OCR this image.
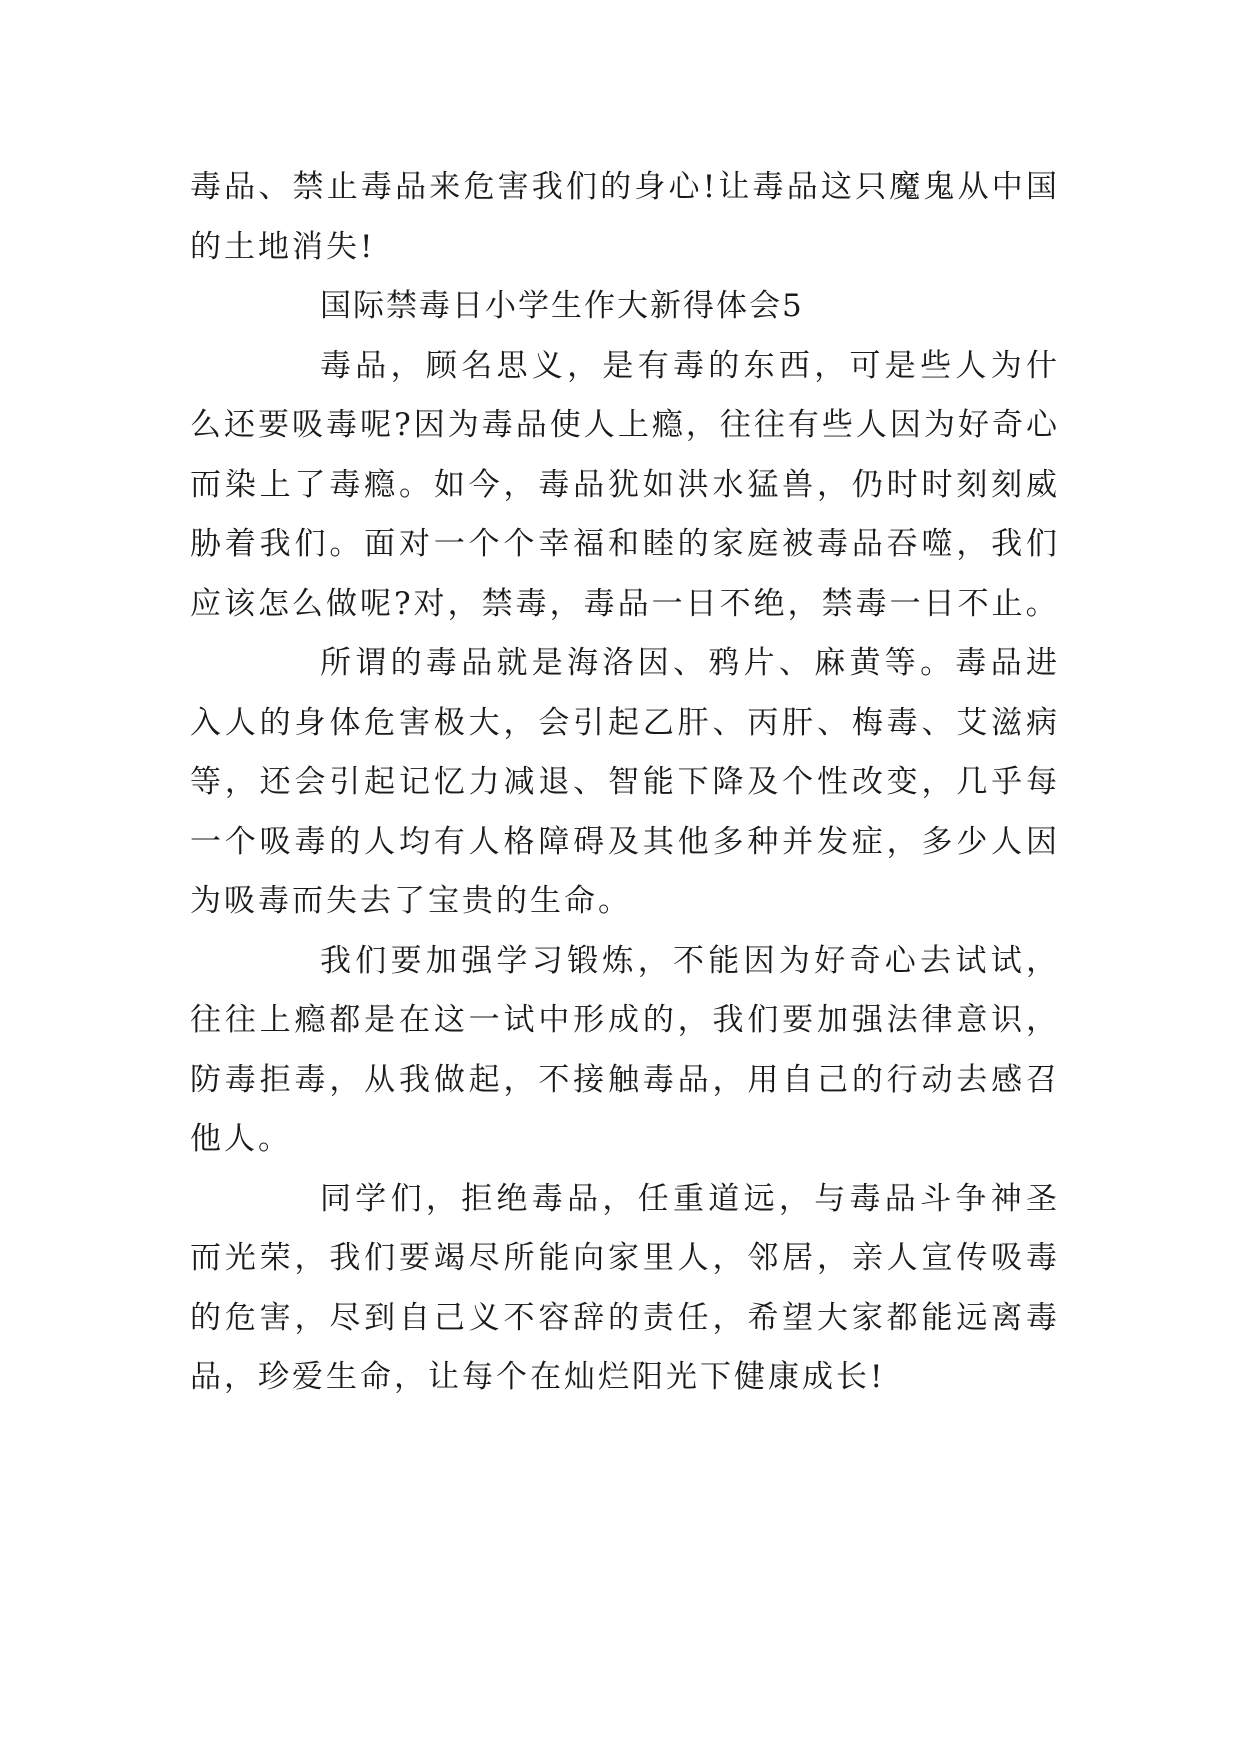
毒品、禁止毒品来危害我们的身心!让毒品这只魔鬼从中国的土地消失!

国际禁毒日小学生作大新得体会5

毒品，顾名思义，是有毒的东西，可是些人为什么还要吸毒呢?因为毒品使人上瘾，往往有些人因为好奇心而染上了毒瘾。如今，毒品犹如洪水猛兽，仍时时刻刻威胁着我们。面对一个个幸福和睦的家庭被毒品吞噬，我们应该怎么做呢?对，禁毒，毒品一日不绝，禁毒一日不止。

所谓的毒品就是海洛因、鸦片、麻黄等。毒品进入人的身体危害极大，会引起乙肝、丙肝、梅毒、艾滋病等，还会引起记忆力减退、智能下降及个性改变，几乎每一个吸毒的人均有人格障碍及其他多种并发症，多少人因为吸毒而失去了宝贵的生命。

我们要加强学习锻炼，不能因为好奇心去试试，往往上瘾都是在这一试中形成的，我们要加强法律意识，防毒拒毒，从我做起，不接触毒品，用自己的行动去感召他人。

同学们，拒绝毒品，任重道远，与毒品斗争神圣而光荣，我们要竭尽所能向家里人，邻居，亲人宣传吸毒的危害，尽到自己义不容辞的责任，希望大家都能远离毒品，珍爱生命，让每个在灿烂阳光下健康成长!
